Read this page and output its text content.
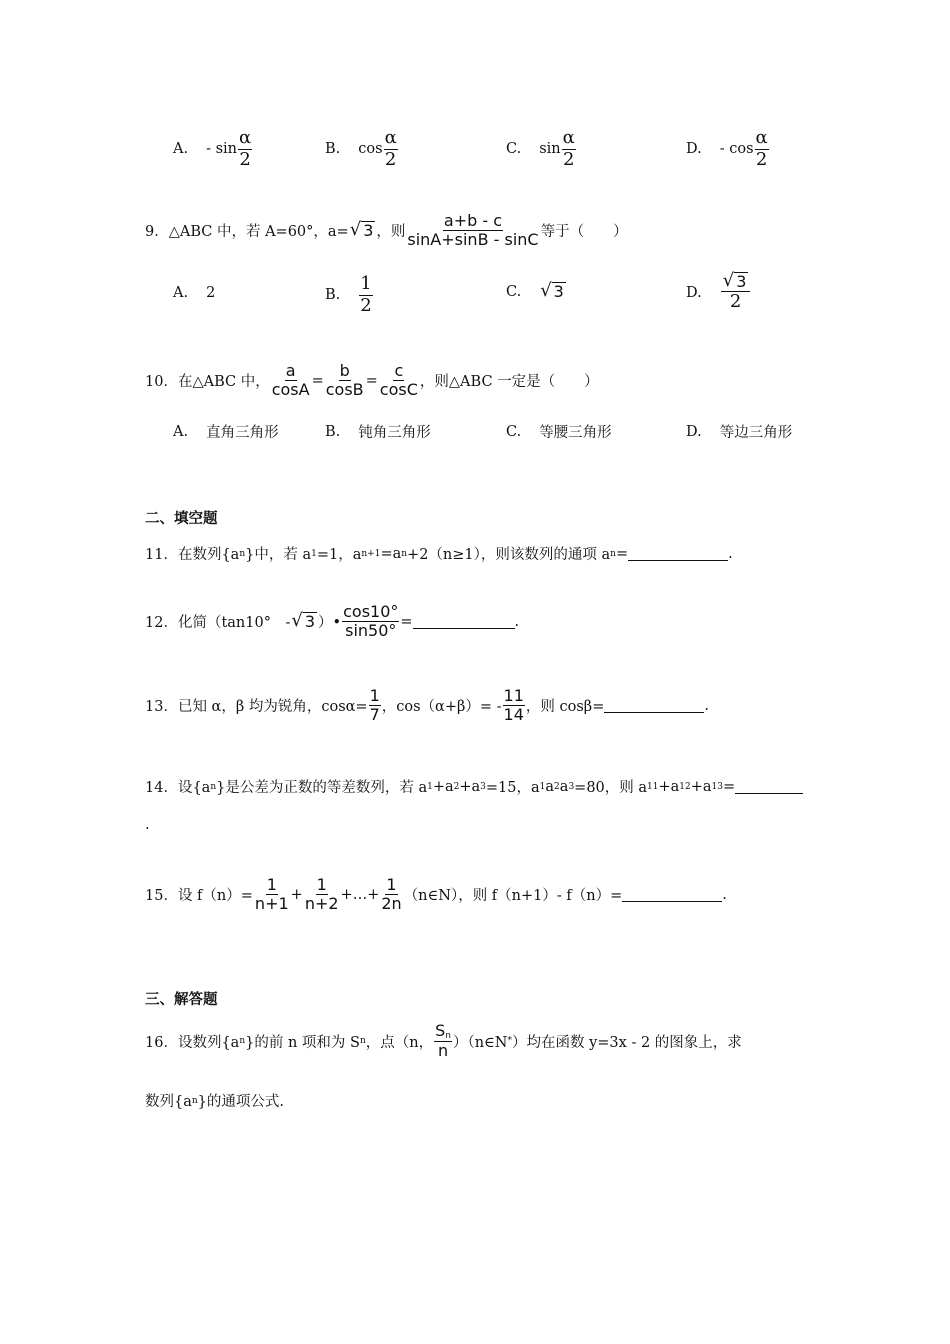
A. - $\sin \frac{\alpha}{2}$	B. $\cos \frac{\alpha}{2}$	C. $\sin \frac{\alpha}{2}$	D. - $\cos \frac{\alpha}{2}$
9．△ABC 中，若 A=60°，a= √ 3 ，则 $\frac{a+b - c}{\sin A+\sin B - \sin C}$ 等于（　　）
A. 2	B. $\frac{1}{2}$	C. √ 3	D. $\frac{√ 3}{2}$
10．在△ABC 中， $\frac{a}{\cos A} = \frac{b}{\cos B} = \frac{c}{\cos C}$ ，则△ABC 一定是（　　）
A. 直角三角形	B. 钝角三角形	C. 等腰三角形	D. 等边三角形
二、填空题
11．在数列{a n }中，若 a 1 =1，a n+1 =a n +2（n≥1），则该数列的通项 a n =	.
12．化简（tan10°　- √ 3 ）• $\frac{\cos 10^\circ}{\sin 50^\circ}$ =	.
13．已知 α，β 均为锐角，$\cos\alpha= \frac{1}{7}$ ，$\cos(\alpha+\beta)= - \frac{11}{14}$ ，则 cosβ=	.
14．设{a n }是公差为正数的等差数列，若 a 1 +a 2 +a 3 =15，a 1 a 2 a 3 =80，则 a 11 +a 12 +a 13 =
.
15．设 $f(n)= \frac{1}{n+1} + \frac{1}{n+2}$ +…+ $\frac{1}{2n}$ （n∈N），则 f（n+1）- f（n）=	.
三、解答题
16．设数列{a n }的前 n 项和为 S n ，点（n， $\frac{S_n}{n}$ ）（n∈N * ）均在函数 y=3x - 2 的图象上，求
数列{a n }的通项公式.
